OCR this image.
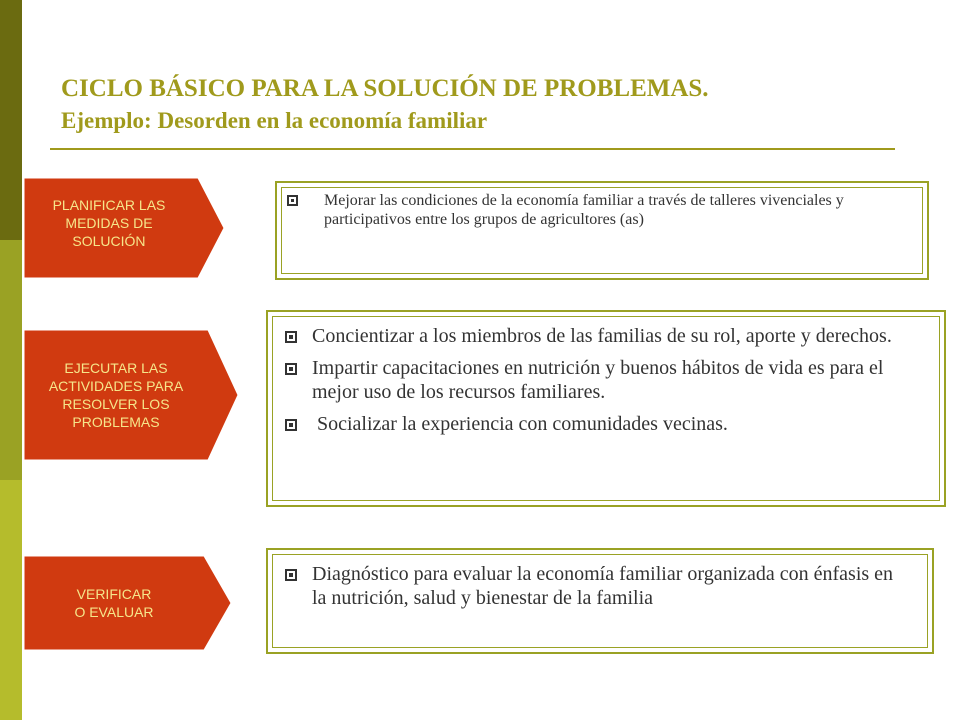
CICLO BÁSICO PARA LA SOLUCIÓN DE PROBLEMAS.
Ejemplo: Desorden en la economía familiar
PLANIFICAR LAS
MEDIDAS DE
SOLUCIÓN
Mejorar las condiciones de la economía familiar a través de talleres vivenciales y participativos entre los grupos de agricultores (as)
EJECUTAR LAS
ACTIVIDADES PARA
RESOLVER LOS
PROBLEMAS
Concientizar a los miembros de las familias de su rol, aporte y derechos.
Impartir capacitaciones en nutrición y buenos hábitos de vida es para el mejor uso de los recursos familiares.
Socializar la experiencia con comunidades vecinas.
VERIFICAR
O EVALUAR
Diagnóstico para evaluar la economía familiar organizada con énfasis en la nutrición, salud y bienestar de la familia
